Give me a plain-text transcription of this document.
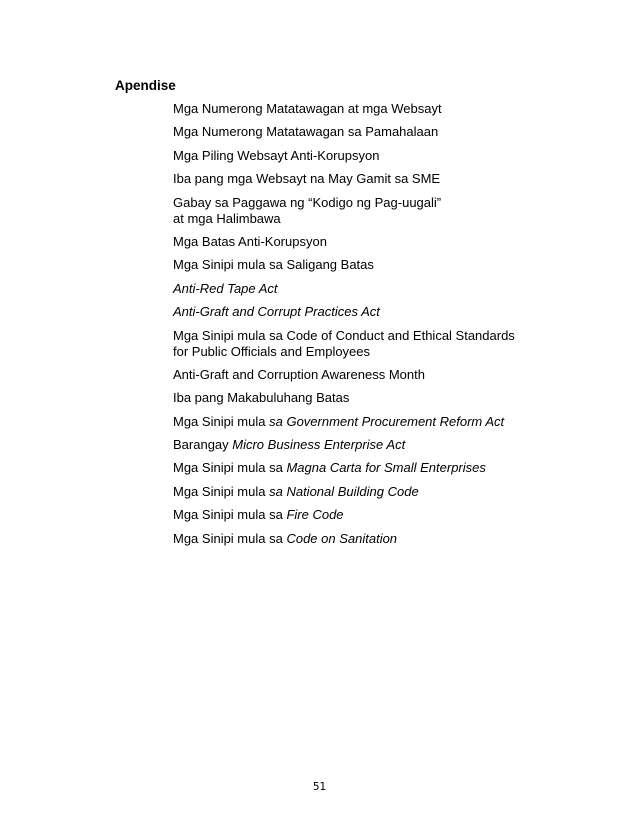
Apendise
Mga Numerong Matatawagan at mga Websayt
Mga Numerong Matatawagan sa Pamahalaan
Mga Piling Websayt Anti-Korupsyon
Iba pang mga Websayt na May Gamit sa SME
Gabay sa Paggawa ng “Kodigo ng Pag-uugali”
at mga Halimbawa
Mga Batas Anti-Korupsyon
Mga Sinipi mula sa Saligang Batas
Anti-Red Tape Act
Anti-Graft and Corrupt Practices Act
Mga Sinipi mula sa Code of Conduct and Ethical Standards
for Public Officials and Employees
Anti-Graft and Corruption Awareness Month
Iba pang Makabuluhang Batas
Mga Sinipi mula sa Government Procurement Reform Act
Barangay Micro Business Enterprise Act
Mga Sinipi mula sa Magna Carta for Small Enterprises
Mga Sinipi mula sa National Building Code
Mga Sinipi mula sa Fire Code
Mga Sinipi mula sa Code on Sanitation
51
